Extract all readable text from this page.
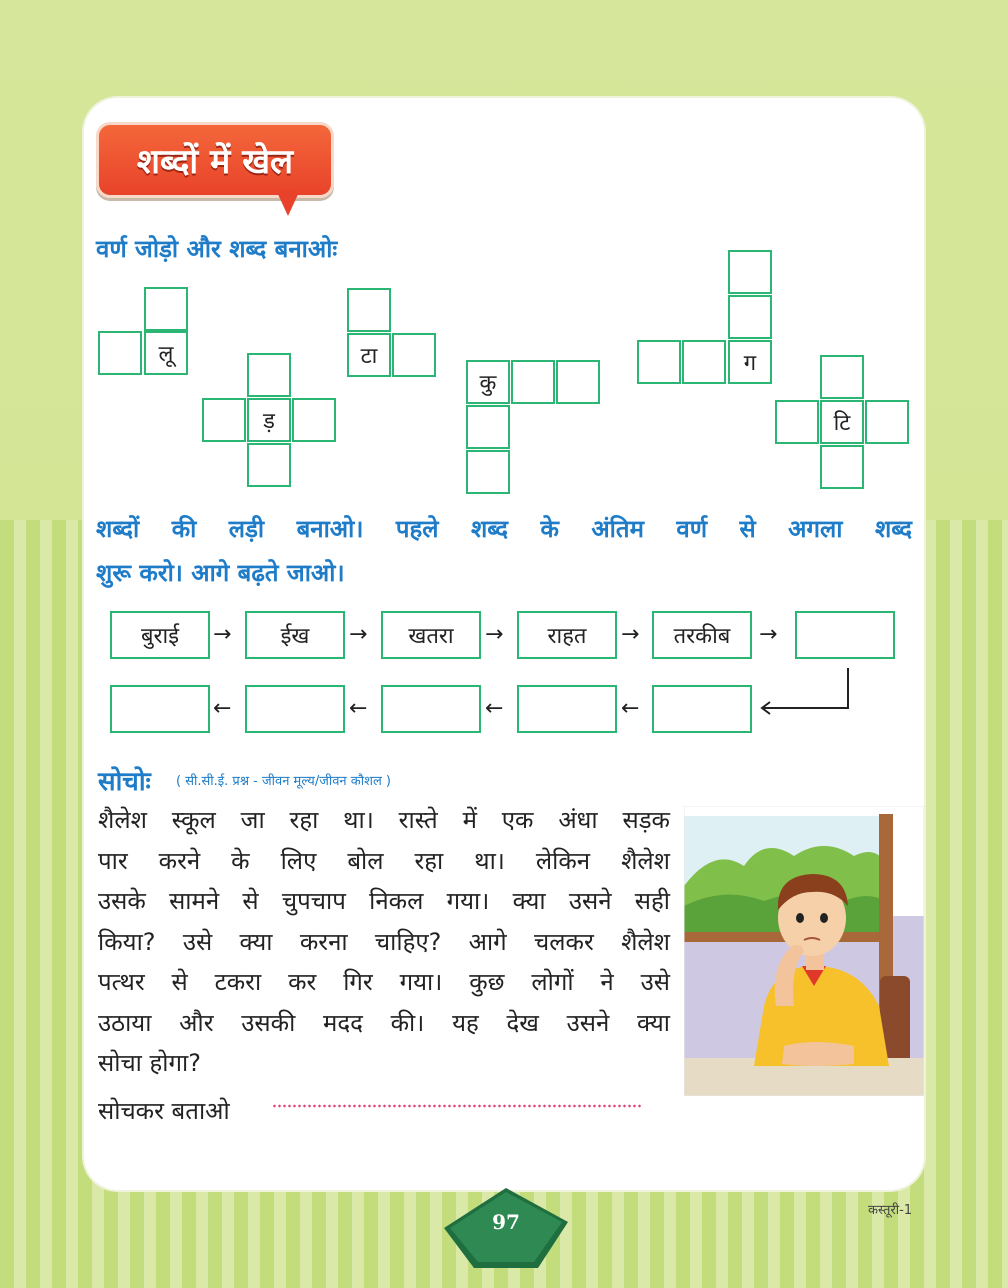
शब्दों में खेल
वर्ण जोड़ो और शब्द बनाओः
लू
ड़
टा
कु
ग
टि
शब्दों की लड़ी बनाओ। पहले शब्द के अंतिम वर्ण से अगला शब्द
शुरू करो। आगे बढ़ते जाओ।
बुराई	→	ईख	→	खतरा	→	राहत	→	तरकीब	→
←	←	←	←
सोचोः ( सी.सी.ई. प्रश्न - जीवन मूल्य/जीवन कौशल )
शैलेश स्कूल जा रहा था। रास्ते में एक अंधा सड़क
पार करने के लिए बोल रहा था। लेकिन शैलेश
उसके सामने से चुपचाप निकल गया। क्या उसने सही
किया? उसे क्या करना चाहिए? आगे चलकर शैलेश
पत्थर से टकरा कर गिर गया। कुछ लोगों ने उसे
उठाया और उसकी मदद की। यह देख उसने क्या
सोचा होगा?
सोचकर बताओ
कस्तूरी-1
97
